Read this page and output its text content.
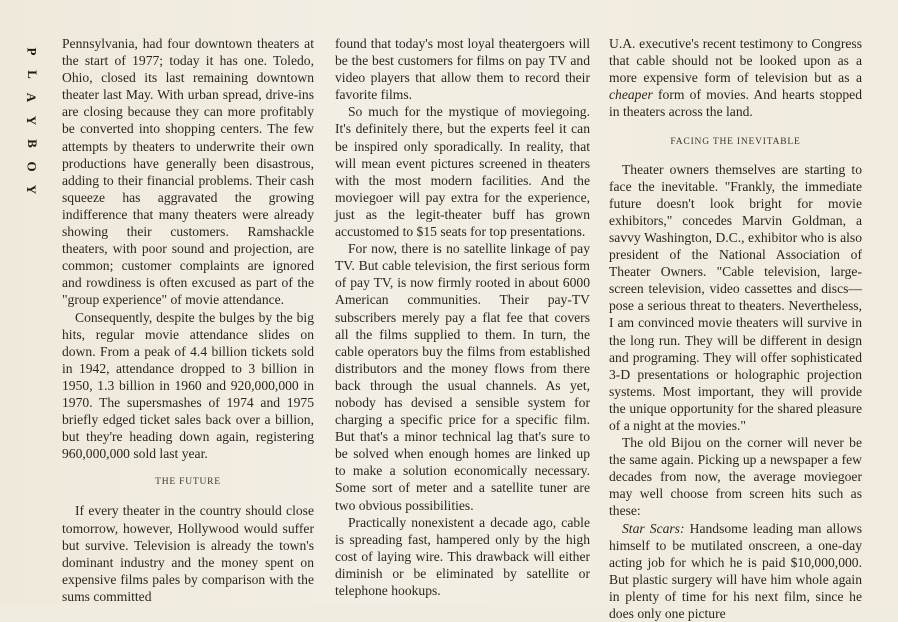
P
L
A
Y
B
O
Y

Pennsylvania, had four downtown theaters at the start of 1977; today it has one. Toledo, Ohio, closed its last remaining downtown theater last May. With urban spread, drive-ins are closing because they can more profitably be converted into shopping centers. The few attempts by theaters to underwrite their own productions have generally been disastrous, adding to their financial problems. Their cash squeeze has aggravated the growing indifference that many theaters were already showing their customers. Ramshackle theaters, with poor sound and projection, are common; customer complaints are ignored and rowdiness is often excused as part of the "group experience" of movie attendance.

Consequently, despite the bulges by the big hits, regular movie attendance slides on down. From a peak of 4.4 billion tickets sold in 1942, attendance dropped to 3 billion in 1950, 1.3 billion in 1960 and 920,000,000 in 1970. The supersmashes of 1974 and 1975 briefly edged ticket sales back over a billion, but they're heading down again, registering 960,000,000 sold last year.

THE FUTURE

If every theater in the country should close tomorrow, however, Hollywood would suffer but survive. Television is already the town's dominant industry and the money spent on expensive films pales by comparison with the sums committed

found that today's most loyal theatergoers will be the best customers for films on pay TV and video players that allow them to record their favorite films.

So much for the mystique of moviegoing. It's definitely there, but the experts feel it can be inspired only sporadically. In reality, that will mean event pictures screened in theaters with the most modern facilities. And the moviegoer will pay extra for the experience, just as the legit-theater buff has grown accustomed to $15 seats for top presentations.

For now, there is no satellite linkage of pay TV. But cable television, the first serious form of pay TV, is now firmly rooted in about 6000 American communities. Their pay-TV subscribers merely pay a flat fee that covers all the films supplied to them. In turn, the cable operators buy the films from established distributors and the money flows from there back through the usual channels. As yet, nobody has devised a sensible system for charging a specific price for a specific film. But that's a minor technical lag that's sure to be solved when enough homes are linked up to make a solution economically necessary. Some sort of meter and a satellite tuner are two obvious possibilities.

Practically nonexistent a decade ago, cable is spreading fast, hampered only by the high cost of laying wire. This drawback will either diminish or be eliminated by satellite or telephone hookups.

U.A. executive's recent testimony to Congress that cable should not be looked upon as a more expensive form of television but as a cheaper form of movies. And hearts stopped in theaters across the land.

FACING THE INEVITABLE

Theater owners themselves are starting to face the inevitable. "Frankly, the immediate future doesn't look bright for movie exhibitors," concedes Marvin Goldman, a savvy Washington, D.C., exhibitor who is also president of the National Association of Theater Owners. "Cable television, large-screen television, video cassettes and discs—pose a serious threat to theaters. Nevertheless, I am convinced movie theaters will survive in the long run. They will be different in design and programing. They will offer sophisticated 3-D presentations or holographic projection systems. Most important, they will provide the unique opportunity for the shared pleasure of a night at the movies."

The old Bijou on the corner will never be the same again. Picking up a newspaper a few decades from now, the average moviegoer may well choose from screen hits such as these:

Star Scars: Handsome leading man allows himself to be mutilated onscreen, a one-day acting job for which he is paid $10,000,000. But plastic surgery will have him whole again in plenty of time for his next film, since he does only one picture
